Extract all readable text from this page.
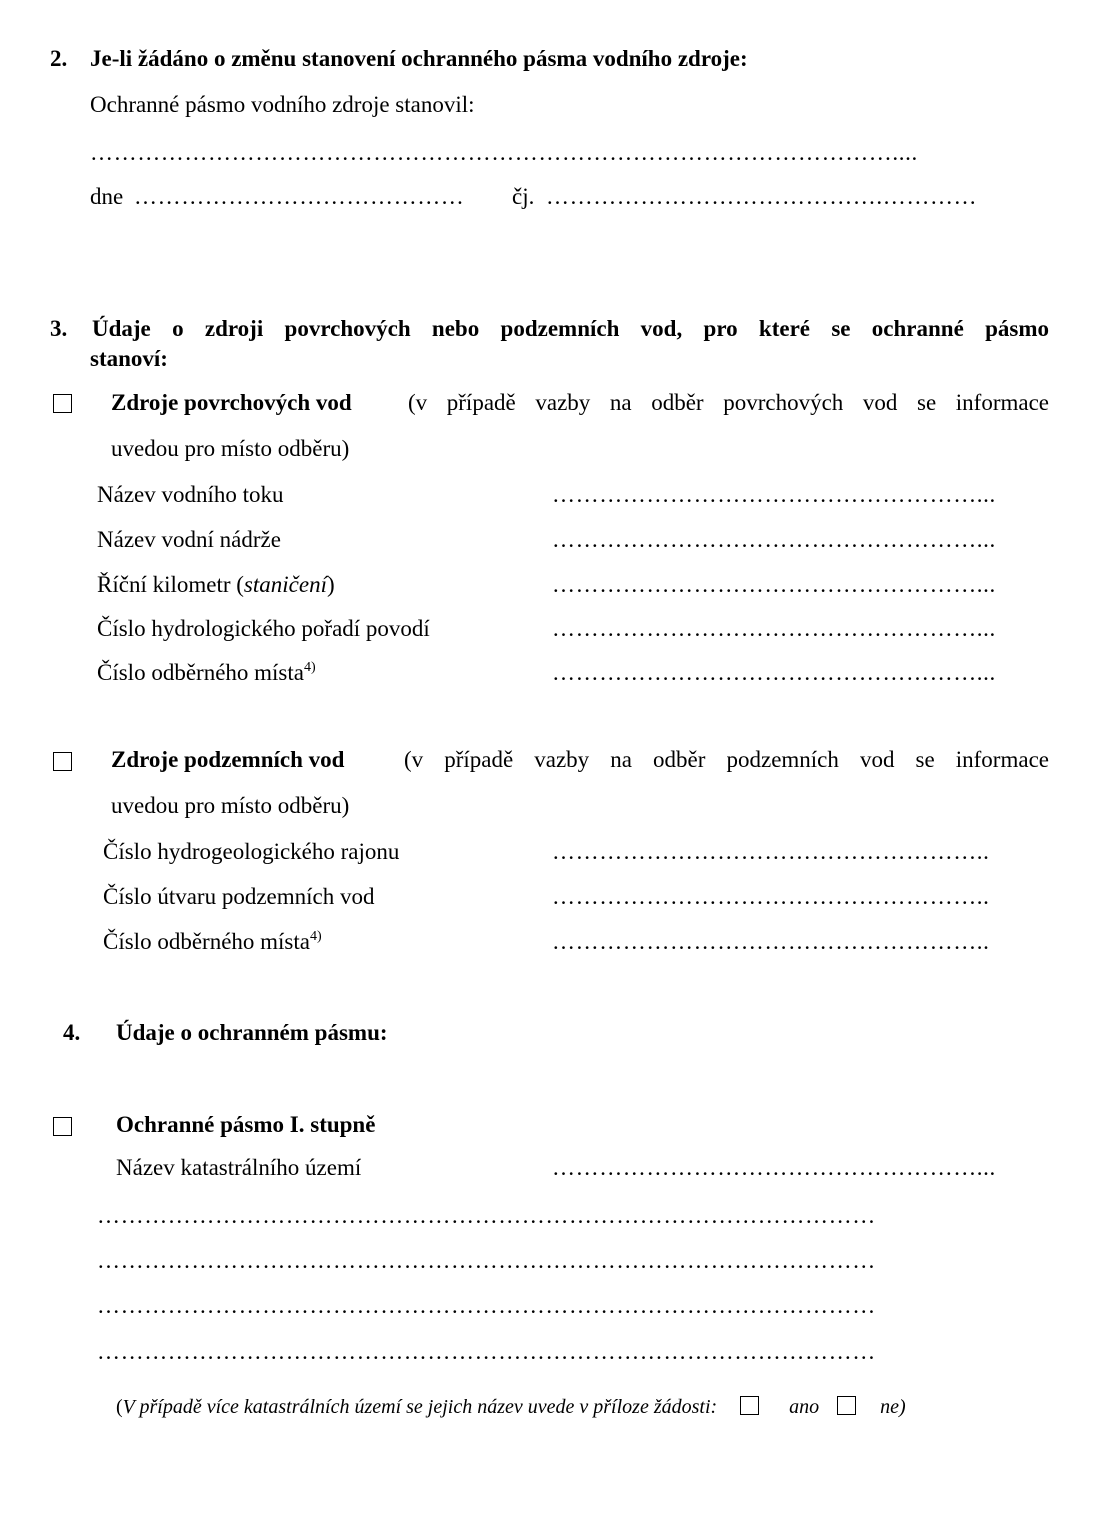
2. Je-li žádáno o změnu stanovení ochranného pásma vodního zdroje:
Ochranné pásmo vodního zdroje stanovil:
…………………………………………………………………………………………....
dne ……………………………………	čj. …………………………………….…………
3. Údaje o zdroji povrchových nebo podzemních vod, pro které se ochranné pásmo
stanoví:
Zdroje povrchových vod (v případě vazby na odběr povrchových vod se informace
uvedou pro místo odběru)
Název vodního toku	………………………………………………...
Název vodní nádrže	………………………………………………...
Říční kilometr (staničení)	………………………………………………...
Číslo hydrologického pořadí povodí	………………………………………………...
Číslo odběrného místa$^{4)}$	………………………………………………...
Zdroje podzemních vod	(v případě vazby na odběr podzemních vod se informace
uvedou pro místo odběru)
Číslo hydrogeologického rajonu	………………………………………………..
Číslo útvaru podzemních vod	………………………………………………..
Číslo odběrného místa$^{4)}$	………………………………………………..
4. Údaje o ochranném pásmu:
Ochranné pásmo I. stupně
Název katastrálního území	………………………………………………...
………………………………………………………………………………………
………………………………………………………………………………………
………………………………………………………………………………………
………………………………………………………………………………………
(V případě více katastrálních území se jejich název uvede v příloze žádosti:	ano	ne)
